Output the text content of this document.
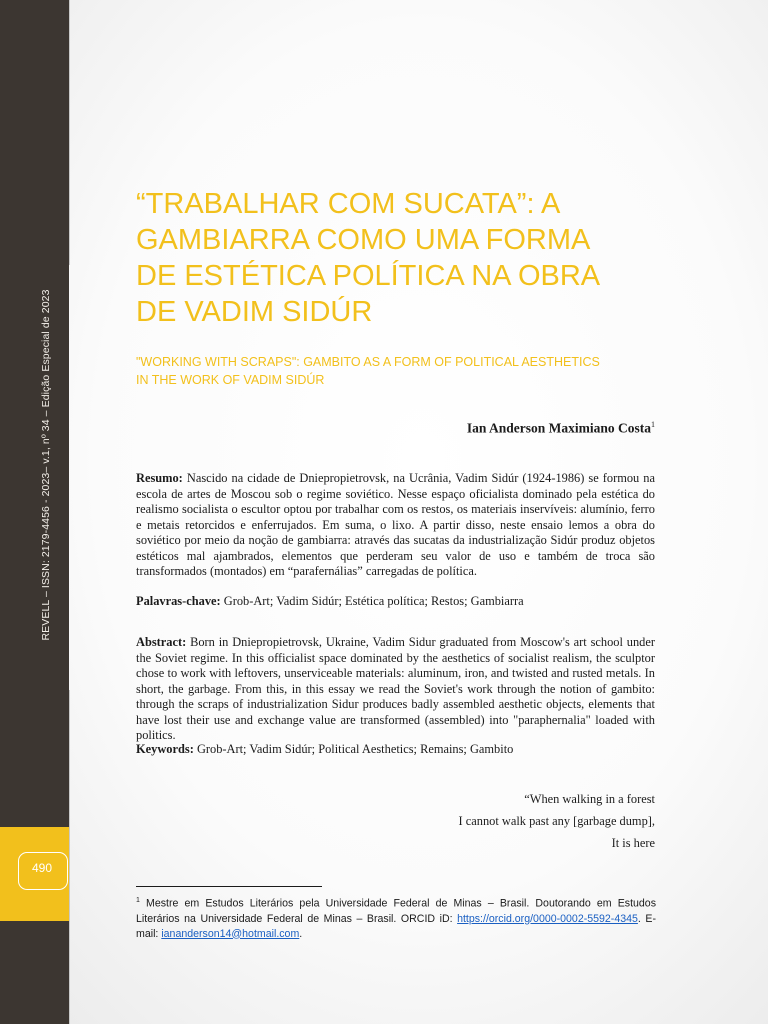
REVELL – ISSN: 2179-4456 - 2023– v.1, nº 34 – Edição Especial de 2023
490
“TRABALHAR COM SUCATA”: A
GAMBIARRA COMO UMA FORMA
DE ESTÉTICA POLÍTICA NA OBRA
DE VADIM SIDÚR

"WORKING WITH SCRAPS": GAMBITO AS A FORM OF POLITICAL AESTHETICS
IN THE WORK OF VADIM SIDÚR

Ian Anderson Maximiano Costa$^1$

Resumo: Nascido na cidade de Dniepropietrovsk, na Ucrânia, Vadim Sidúr (1924-1986) se formou na escola de artes de Moscou sob o regime soviético. Nesse espaço oficialista dominado pela estética do realismo socialista o escultor optou por trabalhar com os restos, os materiais inservíveis: alumínio, ferro e metais retorcidos e enferrujados. Em suma, o lixo. A partir disso, neste ensaio lemos a obra do soviético por meio da noção de gambiarra: através das sucatas da industrialização Sidúr produz objetos estéticos mal ajambrados, elementos que perderam seu valor de uso e também de troca são transformados (montados) em “parafernálias” carregadas de política.

Palavras-chave: Grob-Art; Vadim Sidúr; Estética política; Restos; Gambiarra

Abstract: Born in Dniepropietrovsk, Ukraine, Vadim Sidur graduated from Moscow's art school under the Soviet regime. In this officialist space dominated by the aesthetics of socialist realism, the sculptor chose to work with leftovers, unserviceable materials: aluminum, iron, and twisted and rusted metals. In short, the garbage. From this, in this essay we read the Soviet's work through the notion of gambito: through the scraps of industrialization Sidur produces badly assembled aesthetic objects, elements that have lost their use and exchange value are transformed (assembled) into "paraphernalia" loaded with politics.

Keywords: Grob-Art; Vadim Sidúr; Political Aesthetics; Remains; Gambito

“When walking in a forest
I cannot walk past any [garbage dump],
It is here

$^1$ Mestre em Estudos Literários pela Universidade Federal de Minas – Brasil. Doutorando em Estudos Literários na Universidade Federal de Minas – Brasil. ORCID iD: https://orcid.org/0000-0002-5592-4345. E-mail: iananderson14@hotmail.com.
